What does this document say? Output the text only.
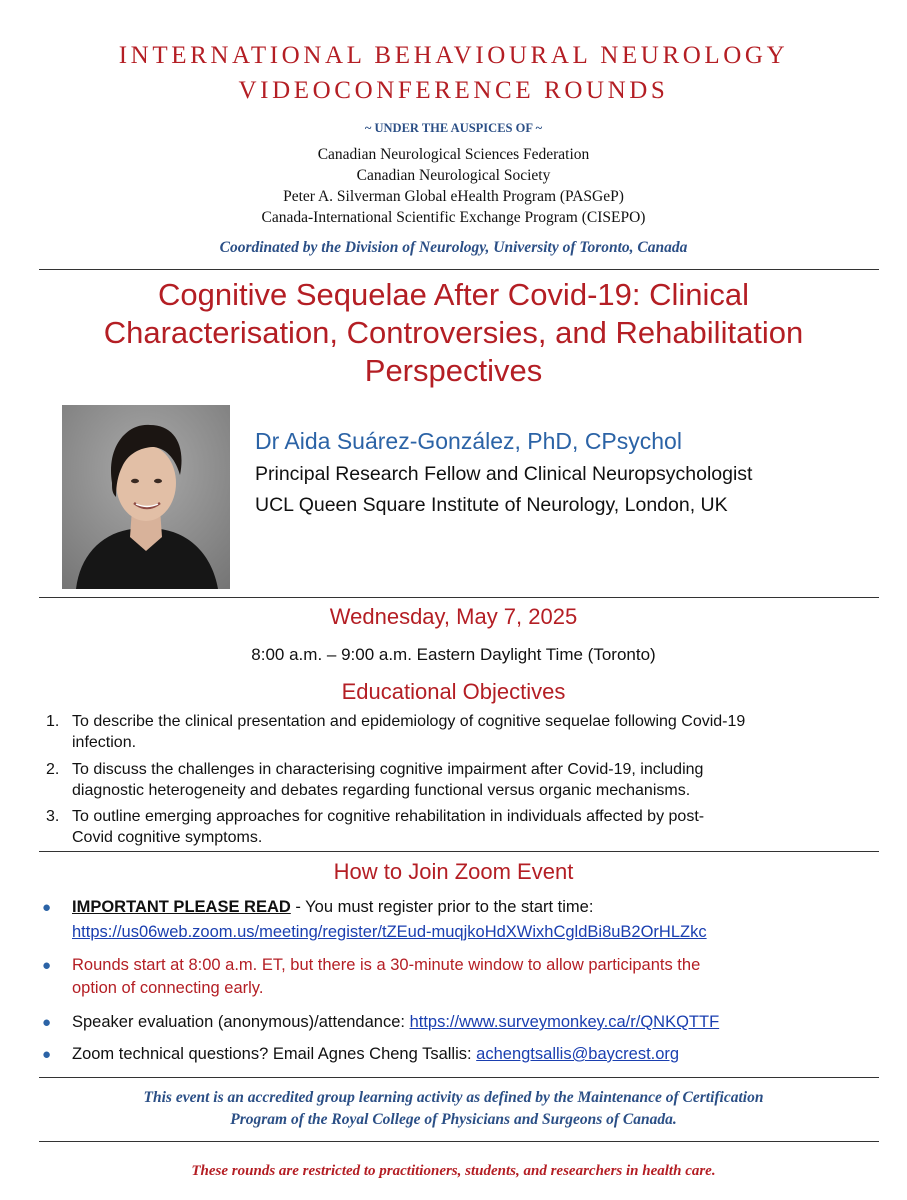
INTERNATIONAL BEHAVIOURAL NEUROLOGY
VIDEOCONFERENCE ROUNDS
~ UNDER THE AUSPICES OF ~
Canadian Neurological Sciences Federation
Canadian Neurological Society
Peter A. Silverman Global eHealth Program (PASGeP)
Canada-International Scientific Exchange Program (CISEPO)
Coordinated by the Division of Neurology, University of Toronto, Canada
Cognitive Sequelae After Covid-19: Clinical
Characterisation, Controversies, and Rehabilitation
Perspectives
Dr Aida Suárez-González, PhD, CPsychol
Principal Research Fellow and Clinical Neuropsychologist
UCL Queen Square Institute of Neurology, London, UK
Wednesday, May 7, 2025
8:00 a.m. – 9:00 a.m. Eastern Daylight Time (Toronto)
Educational Objectives
1. To describe the clinical presentation and epidemiology of cognitive sequelae following Covid-19
infection.
2. To discuss the challenges in characterising cognitive impairment after Covid-19, including
diagnostic heterogeneity and debates regarding functional versus organic mechanisms.
3. To outline emerging approaches for cognitive rehabilitation in individuals affected by post-
Covid cognitive symptoms.
How to Join Zoom Event
● IMPORTANT PLEASE READ - You must register prior to the start time:
https://us06web.zoom.us/meeting/register/tZEud-muqjkoHdXWixhCgldBi8uB2OrHLZkc
● Rounds start at 8:00 a.m. ET, but there is a 30-minute window to allow participants the
option of connecting early.
● Speaker evaluation (anonymous)/attendance: https://www.surveymonkey.ca/r/QNKQTTF
● Zoom technical questions? Email Agnes Cheng Tsallis: achengtsallis@baycrest.org
This event is an accredited group learning activity as defined by the Maintenance of Certification
Program of the Royal College of Physicians and Surgeons of Canada.
These rounds are restricted to practitioners, students, and researchers in health care.
